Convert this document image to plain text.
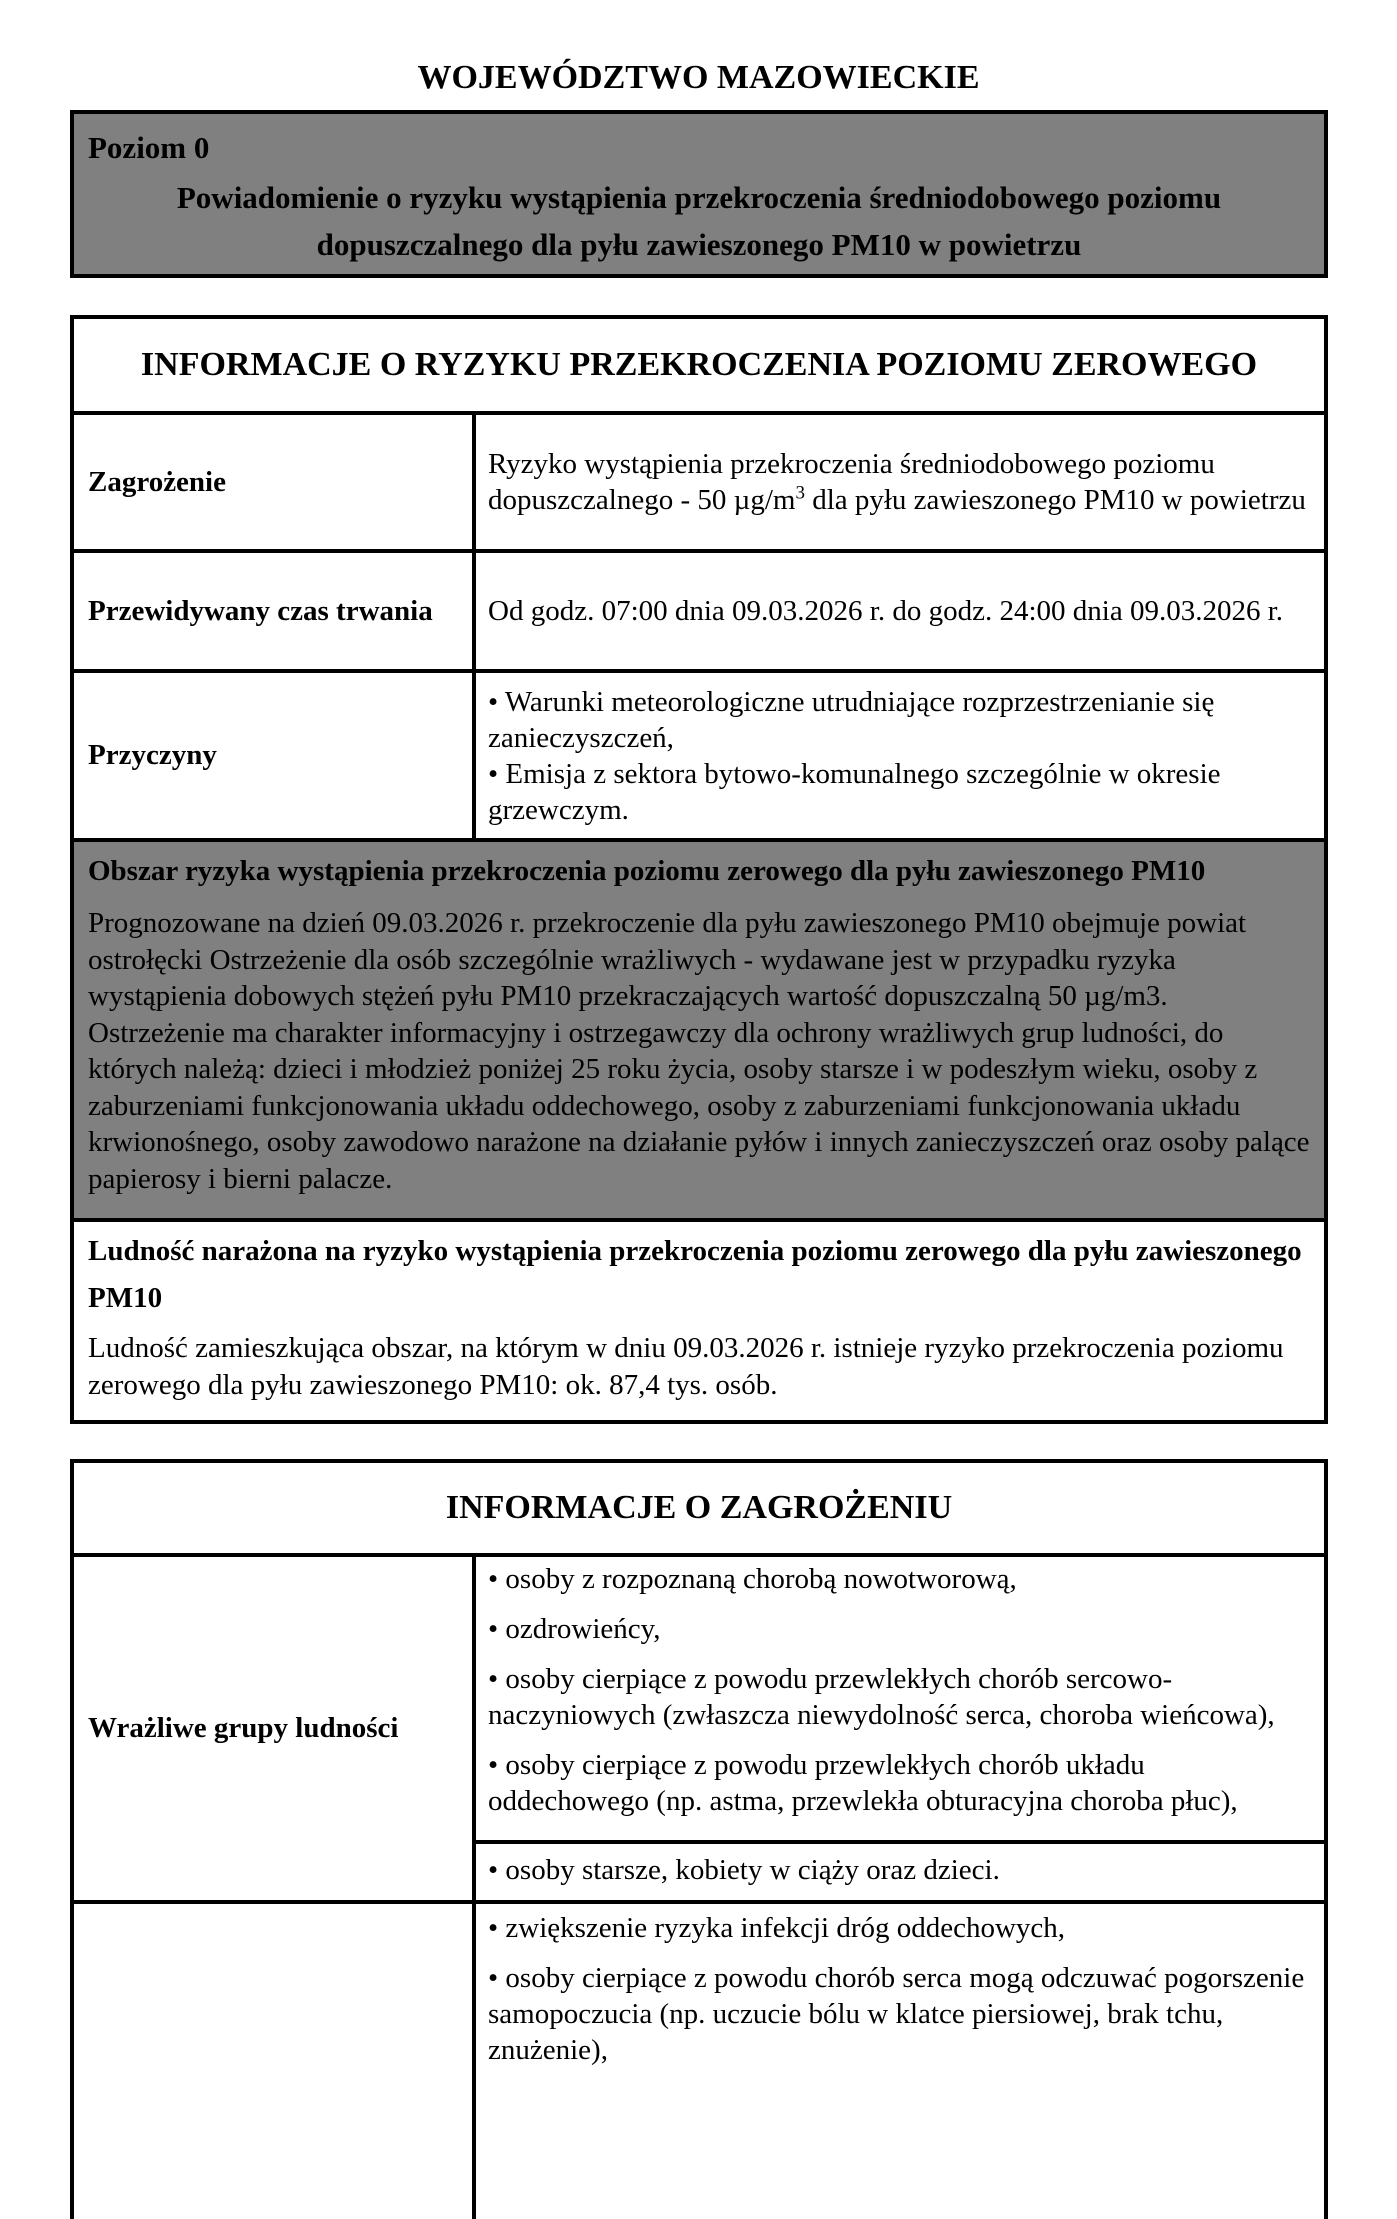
WOJEWÓDZTWO MAZOWIECKIE
Poziom 0
Powiadomienie o ryzyku wystąpienia przekroczenia średniodobowego poziomu dopuszczalnego dla pyłu zawieszonego PM10 w powietrzu
INFORMACJE O RYZYKU PRZEKROCZENIA POZIOMU ZEROWEGO
Zagrożenie
Ryzyko wystąpienia przekroczenia średniodobowego poziomu dopuszczalnego - 50 $\mu g/m^3$ dla pyłu zawieszonego PM10 w powietrzu
Przewidywany czas trwania	Od godz. 07:00 dnia 09.03.2026 r. do godz. 24:00 dnia 09.03.2026 r.
Przyczyny
• Warunki meteorologiczne utrudniające rozprzestrzenianie się zanieczyszczeń,
• Emisja z sektora bytowo-komunalnego szczególnie w okresie grzewczym.
Obszar ryzyka wystąpienia przekroczenia poziomu zerowego dla pyłu zawieszonego PM10
Prognozowane na dzień 09.03.2026 r. przekroczenie dla pyłu zawieszonego PM10 obejmuje powiat ostrołęcki Ostrzeżenie dla osób szczególnie wrażliwych - wydawane jest w przypadku ryzyka wystąpienia dobowych stężeń pyłu PM10 przekraczających wartość dopuszczalną 50 µg/m3. Ostrzeżenie ma charakter informacyjny i ostrzegawczy dla ochrony wrażliwych grup ludności, do których należą: dzieci i młodzież poniżej 25 roku życia, osoby starsze i w podeszłym wieku, osoby z zaburzeniami funkcjonowania układu oddechowego, osoby z zaburzeniami funkcjonowania układu krwionośnego, osoby zawodowo narażone na działanie pyłów i innych zanieczyszczeń oraz osoby palące papierosy i bierni palacze.
Ludność narażona na ryzyko wystąpienia przekroczenia poziomu zerowego dla pyłu zawieszonego PM10
Ludność zamieszkująca obszar, na którym w dniu 09.03.2026 r. istnieje ryzyko przekroczenia poziomu zerowego dla pyłu zawieszonego PM10: ok. 87,4 tys. osób.
INFORMACJE O ZAGROŻENIU
Wrażliwe grupy ludności
• osoby z rozpoznaną chorobą nowotworową,
• ozdrowieńcy,
• osoby cierpiące z powodu przewlekłych chorób sercowo-naczyniowych (zwłaszcza niewydolność serca, choroba wieńcowa),
• osoby cierpiące z powodu przewlekłych chorób układu oddechowego (np. astma, przewlekła obturacyjna choroba płuc),
• osoby starsze, kobiety w ciąży oraz dzieci.
• zwiększenie ryzyka infekcji dróg oddechowych,
• osoby cierpiące z powodu chorób serca mogą odczuwać pogorszenie samopoczucia (np. uczucie bólu w klatce piersiowej, brak tchu, znużenie),
